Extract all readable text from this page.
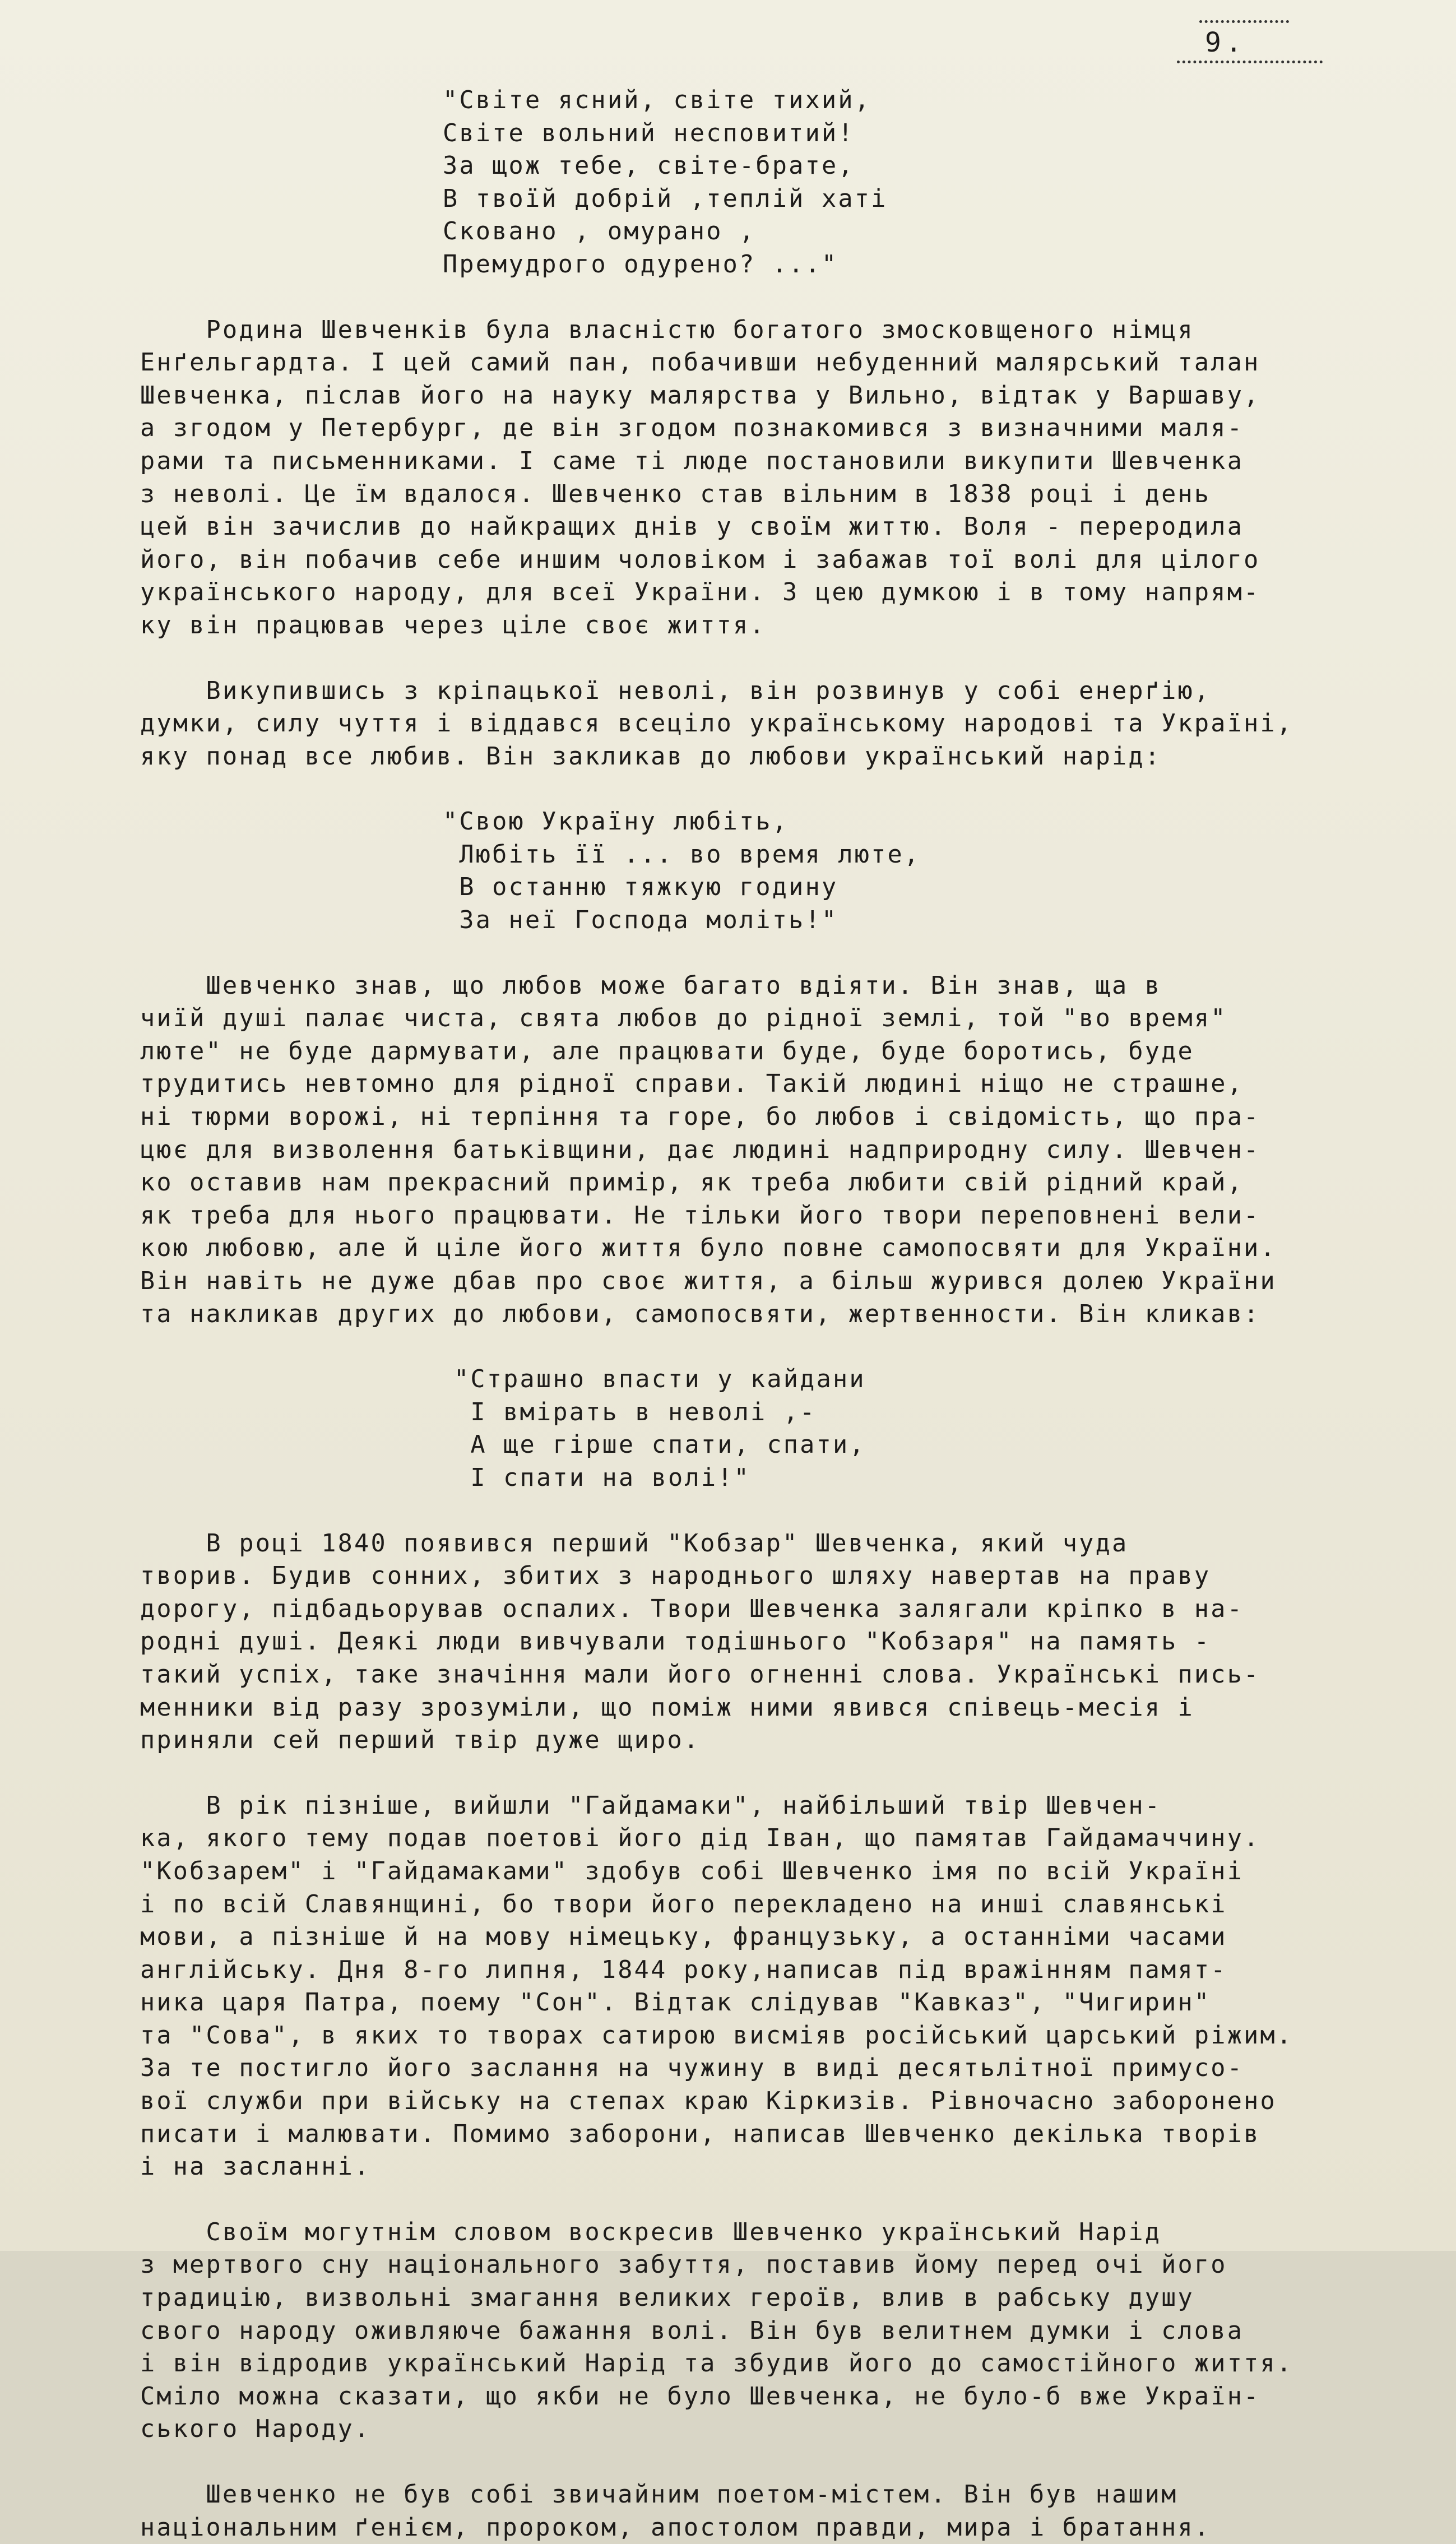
9.
"Світе ясний, світе тихий,
Світе вольний несповитий!
За щож тебе, світе-брате,
В твоїй добрій ,теплій хаті
Сковано , омурано ,
Премудрого одурено? ..."
Родина Шевченків була власністю богатого змосковщеного німця
Енґельгардта. І цей самий пан, побачивши небуденний малярський талан
Шевченка, післав його на науку малярства у Вильно, відтак у Варшаву,
а згодом у Петербург, де він згодом познакомився з визначними маля-
рами та письменниками. І саме ті люде постановили викупити Шевченка
з неволі. Це їм вдалося. Шевченко став вільним в 1838 році і день
цей він зачислив до найкращих днів у своїм життю. Воля - переродила
його, він побачив себе иншим чоловіком і забажав тої волі для цілого
українського народу, для всеї України. З цею думкою і в тому напрям-
ку він працював через ціле своє життя.
Викупившись з кріпацької неволі, він розвинув у собі енерґію,
думки, силу чуття і віддався всеціло українському народові та Україні,
яку понад все любив. Він закликав до любови український нарід:
"Свою Україну любіть,
Любіть її ... во время люте,
В останню тяжкую годину
За неї Господа моліть!"
Шевченко знав, що любов може багато вдіяти. Він знав, ща в
чиїй душі палає чиста, свята любов до рідної землі, той "во время"
люте" не буде дармувати, але працювати буде, буде боротись, буде
трудитись невтомно для рідної справи. Такій людині ніщо не страшне,
ні тюрми ворожі, ні терпіння та горе, бо любов і свідомість, що пра-
цює для визволення батьківщини, дає людині надприродну силу. Шевчен-
ко оставив нам прекрасний примір, як треба любити свій рідний край,
як треба для нього працювати. Не тільки його твори переповнені вели-
кою любовю, але й ціле його життя було повне самопосвяти для України.
Він навіть не дуже дбав про своє життя, а більш журився долею України
та накликав других до любови, самопосвяти, жертвенности. Він кликав:
"Страшно впасти у кайдани
І вмірать в неволі ,-
А ще гірше спати, спати,
І спати на волі!"
В році 1840 появився перший "Кобзар" Шевченка, який чуда
творив. Будив сонних, збитих з народнього шляху навертав на праву
дорогу, підбадьорував оспалих. Твори Шевченка залягали кріпко в на-
родні душі. Деякі люди вивчували тодішнього "Кобзаря" на память -
такий успіх, таке значіння мали його огненні слова. Українські пись-
менники від разу зрозуміли, що поміж ними явився співець-месія і
приняли сей перший твір дуже щиро.
В рік пізніше, вийшли "Гайдамаки", найбільший твір Шевчен-
ка, якого тему подав поетові його дід Іван, що памятав Гайдамаччину.
"Кобзарем" і "Гайдамаками" здобув собі Шевченко імя по всій Україні
і по всій Славянщині, бо твори його перекладено на инші славянські
мови, а пізніше й на мову німецьку, французьку, а останніми часами
англійську. Дня 8-го липня, 1844 року,написав під вражінням памят-
ника царя Патра, поему "Сон". Відтак слідував "Кавказ", "Чигирин"
та "Сова", в яких то творах сатирою висміяв російський царський ріжим.
За те постигло його заслання на чужину в виді десятьлітної примусо-
вої служби при війську на степах краю Кіркизів. Рівночасно заборонено
писати і малювати. Помимо заборони, написав Шевченко декілька творів
і на засланні.
Своїм могутнім словом воскресив Шевченко український Нарід
з мертвого сну національного забуття, поставив йому перед очі його
традицію, визвольні змагання великих героїв, влив в рабську душу
свого народу оживляюче бажання волі. Він був велитнем думки і слова
і він відродив український Нарід та збудив його до самостійного життя.
Сміло можна сказати, що якби не було Шевченка, не було-б вже Україн-
ського Народу.
Шевченко не був собі звичайним поетом-містем. Він був нашим
національним ґенієм, пророком, апостолом правди, мира і братання.
